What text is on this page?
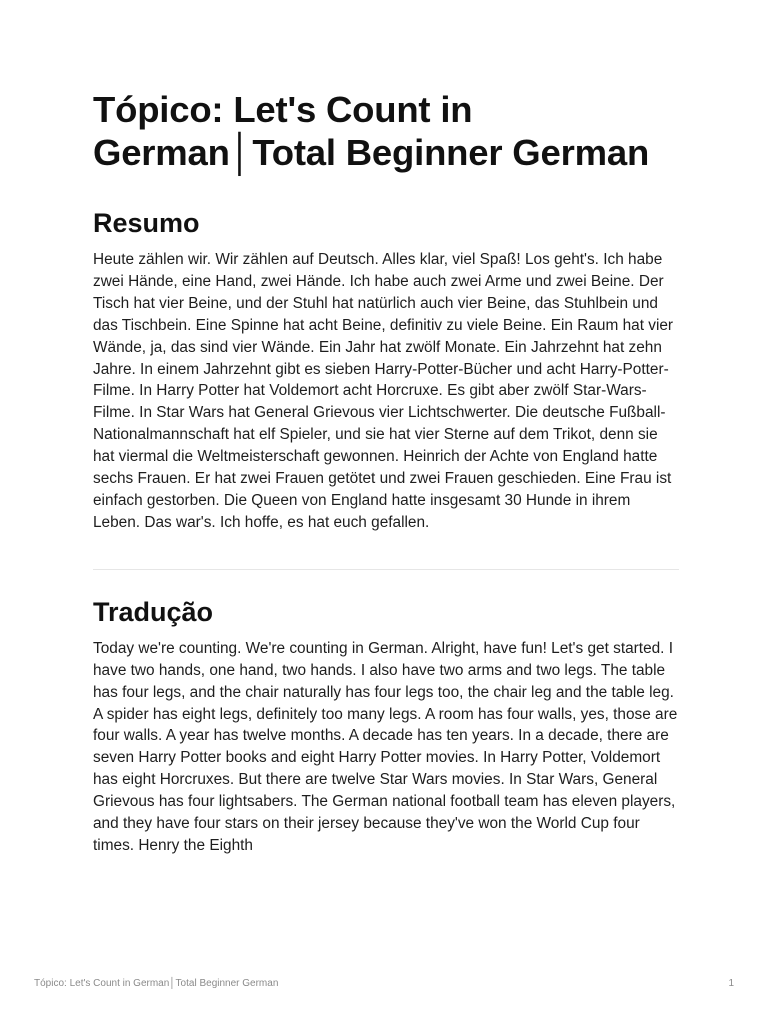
Tópico: Let's Count in German│Total Beginner German
Resumo

Heute zählen wir. Wir zählen auf Deutsch. Alles klar, viel Spaß! Los geht's. Ich habe zwei Hände, eine Hand, zwei Hände. Ich habe auch zwei Arme und zwei Beine. Der Tisch hat vier Beine, und der Stuhl hat natürlich auch vier Beine, das Stuhlbein und das Tischbein. Eine Spinne hat acht Beine, definitiv zu viele Beine. Ein Raum hat vier Wände, ja, das sind vier Wände. Ein Jahr hat zwölf Monate. Ein Jahrzehnt hat zehn Jahre. In einem Jahrzehnt gibt es sieben Harry-Potter-Bücher und acht Harry-Potter-Filme. In Harry Potter hat Voldemort acht Horcruxe. Es gibt aber zwölf Star-Wars-Filme. In Star Wars hat General Grievous vier Lichtschwerter. Die deutsche Fußball-Nationalmannschaft hat elf Spieler, und sie hat vier Sterne auf dem Trikot, denn sie hat viermal die Weltmeisterschaft gewonnen. Heinrich der Achte von England hatte sechs Frauen. Er hat zwei Frauen getötet und zwei Frauen geschieden. Eine Frau ist einfach gestorben. Die Queen von England hatte insgesamt 30 Hunde in ihrem Leben. Das war's. Ich hoffe, es hat euch gefallen.

Tradução

Today we're counting. We're counting in German. Alright, have fun! Let's get started. I have two hands, one hand, two hands. I also have two arms and two legs. The table has four legs, and the chair naturally has four legs too, the chair leg and the table leg. A spider has eight legs, definitely too many legs. A room has four walls, yes, those are four walls. A year has twelve months. A decade has ten years. In a decade, there are seven Harry Potter books and eight Harry Potter movies. In Harry Potter, Voldemort has eight Horcruxes. But there are twelve Star Wars movies. In Star Wars, General Grievous has four lightsabers. The German national football team has eleven players, and they have four stars on their jersey because they've won the World Cup four times. Henry the Eighth

Tópico: Let's Count in German│Total Beginner German	1
